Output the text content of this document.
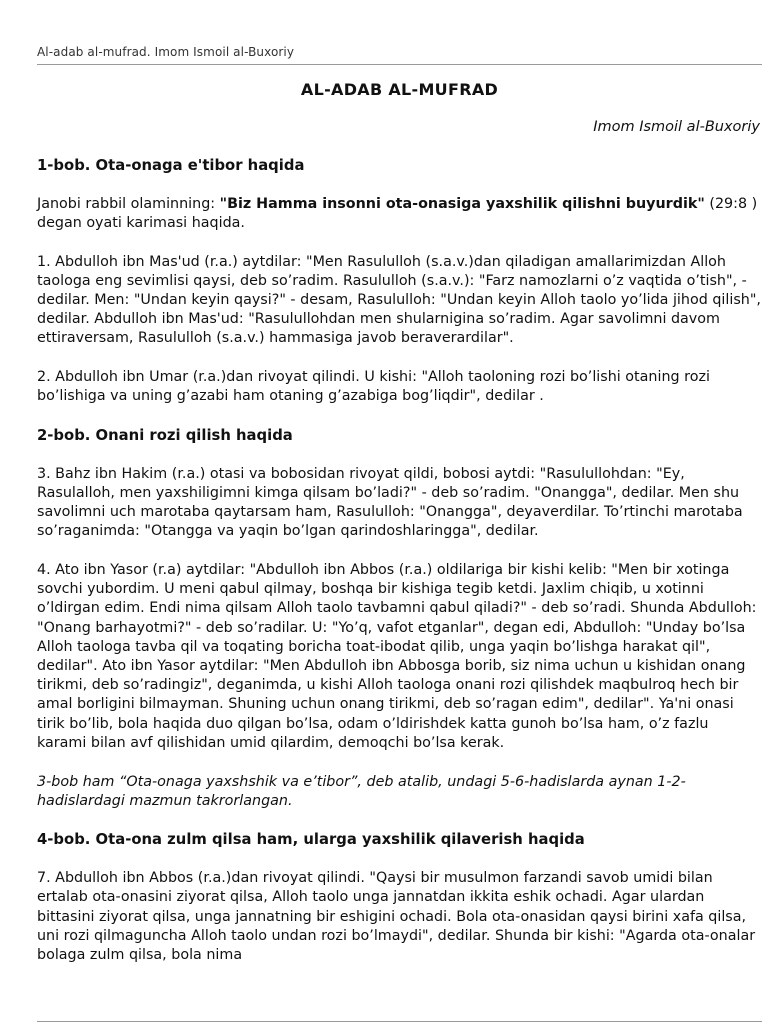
Al-adab al-mufrad. Imom Ismoil al-Buxoriy
AL-ADAB AL-MUFRAD
Imom Ismoil al-Buxoriy
1-bob. Ota-onaga e'tibor haqida

Janobi rabbil olaminning: "Biz Hamma insonni ota-onasiga yaxshilik qilishni buyurdik" (29:8 ) degan oyati karimasi haqida.

1. Abdulloh ibn Mas'ud (r.a.) aytdilar: "Men Rasululloh (s.a.v.)dan qiladigan amallarimizdan Alloh taologa eng sevimlisi qaysi, deb so’radim. Rasululloh (s.a.v.): "Farz namozlarni o’z vaqtida o’tish", - dedilar. Men: "Undan keyin qaysi?" - desam, Rasululloh: "Undan keyin Alloh taolo yo’lida jihod qilish", dedilar. Abdulloh ibn Mas'ud: "Rasulullohdan men shularnigina so’radim. Agar savolimni davom ettiraversam, Rasululloh (s.a.v.) hammasiga javob beraverardilar".

2. Abdulloh ibn Umar (r.a.)dan rivoyat qilindi. U kishi: "Alloh taoloning rozi bo’lishi otaning rozi bo’lishiga va uning g’azabi ham otaning g’azabiga bog’liqdir", dedilar .

2-bob. Onani rozi qilish haqida

3. Bahz ibn Hakim (r.a.) otasi va bobosidan rivoyat qildi, bobosi aytdi: "Rasulullohdan: "Ey, Rasulalloh, men yaxshiligimni kimga qilsam bo’ladi?" - deb so’radim. "Onangga", dedilar. Men shu savolimni uch marotaba qaytarsam ham, Rasululloh: "Onangga", deyaverdilar. To’rtinchi marotaba so’raganimda: "Otangga va yaqin bo’lgan qarindoshlaringga", dedilar.

4. Ato ibn Yasor (r.a) aytdilar: "Abdulloh ibn Abbos (r.a.) oldilariga bir kishi kelib: "Men bir xotinga sovchi yubordim. U meni qabul qilmay, boshqa bir kishiga tegib ketdi. Jaxlim chiqib, u xotinni o’ldirgan edim. Endi nima qilsam Alloh taolo tavbamni qabul qiladi?" - deb so’radi. Shunda Abdulloh: "Onang barhayotmi?" - deb so’radilar. U: "Yo’q, vafot etganlar", degan edi, Abdulloh: "Unday bo’lsa Alloh taologa tavba qil va toqating boricha toat-ibodat qilib, unga yaqin bo’lishga harakat qil", dedilar". Ato ibn Yasor aytdilar: "Men Abdulloh ibn Abbosga borib, siz nima uchun u kishidan onang tirikmi, deb so’radingiz", deganimda, u kishi Alloh taologa onani rozi qilishdek maqbulroq hech bir amal borligini bilmayman. Shuning uchun onang tirikmi, deb so’ragan edim", dedilar". Ya'ni onasi tirik bo’lib, bola haqida duo qilgan bo’lsa, odam o’ldirishdek katta gunoh bo’lsa ham, o’z fazlu karami bilan avf qilishidan umid qilardim, demoqchi bo’lsa kerak.

3-bob ham “Ota-onaga yaxshshik va e’tibor”, deb atalib, undagi 5-6-hadislarda aynan 1-2-hadislardagi mazmun takrorlangan.

4-bob. Ota-ona zulm qilsa ham, ularga yaxshilik qilaverish haqida

7. Abdulloh ibn Abbos (r.a.)dan rivoyat qilindi. "Qaysi bir musulmon farzandi savob umidi bilan ertalab ota-onasini ziyorat qilsa, Alloh taolo unga jannatdan ikkita eshik ochadi. Agar ulardan bittasini ziyorat qilsa, unga jannatning bir eshigini ochadi. Bola ota-onasidan qaysi birini xafa qilsa, uni rozi qilmaguncha Alloh taolo undan rozi bo’lmaydi", dedilar. Shunda bir kishi: "Agarda ota-onalar bolaga zulm qilsa, bola nima
